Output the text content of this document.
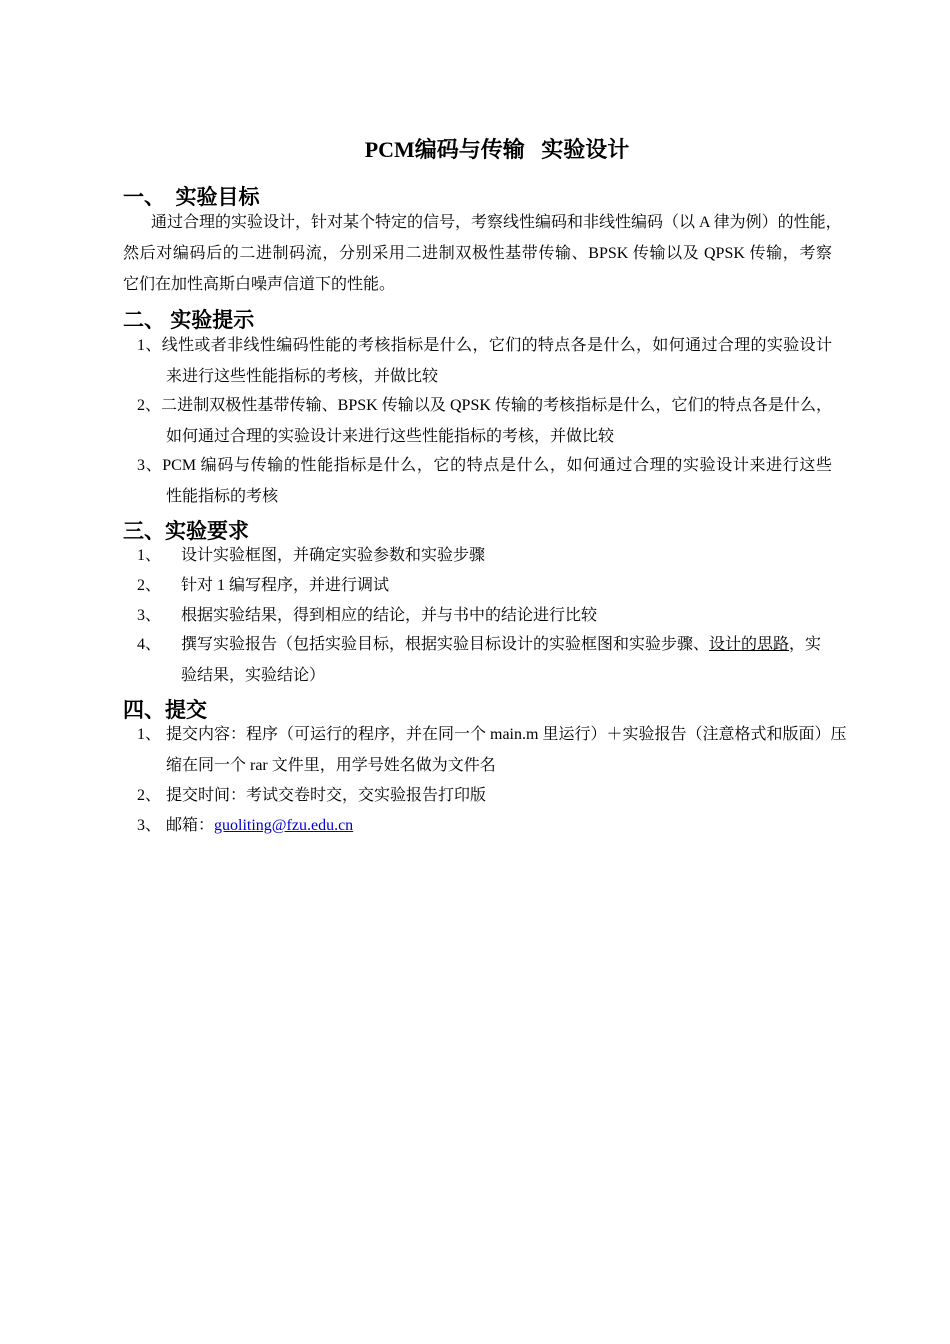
PCM编码与传输   实验设计
一、  实验目标
通过合理的实验设计，针对某个特定的信号，考察线性编码和非线性编码（以 A 律为例）的性能，
然后对编码后的二进制码流，分别采用二进制双极性基带传输、BPSK 传输以及 QPSK 传输，考察
它们在加性高斯白噪声信道下的性能。
二、 实验提示
1、线性或者非线性编码性能的考核指标是什么，它们的特点各是什么，如何通过合理的实验设计
来进行这些性能指标的考核，并做比较
2、二进制双极性基带传输、BPSK 传输以及 QPSK 传输的考核指标是什么，它们的特点各是什么，
如何通过合理的实验设计来进行这些性能指标的考核，并做比较
3、PCM 编码与传输的性能指标是什么，它的特点是什么，如何通过合理的实验设计来进行这些
性能指标的考核
三、实验要求
1、 设计实验框图，并确定实验参数和实验步骤
2、 针对 1 编写程序，并进行调试
3、 根据实验结果，得到相应的结论，并与书中的结论进行比较
4、 撰写实验报告（包括实验目标，根据实验目标设计的实验框图和实验步骤、设计的思路，实
验结果，实验结论）
四、提交
1、 提交内容：程序（可运行的程序，并在同一个 main.m 里运行）＋实验报告（注意格式和版面）压
缩在同一个 rar 文件里，用学号姓名做为文件名
2、 提交时间：考试交卷时交，交实验报告打印版
3、 邮箱：guoliting@fzu.edu.cn
